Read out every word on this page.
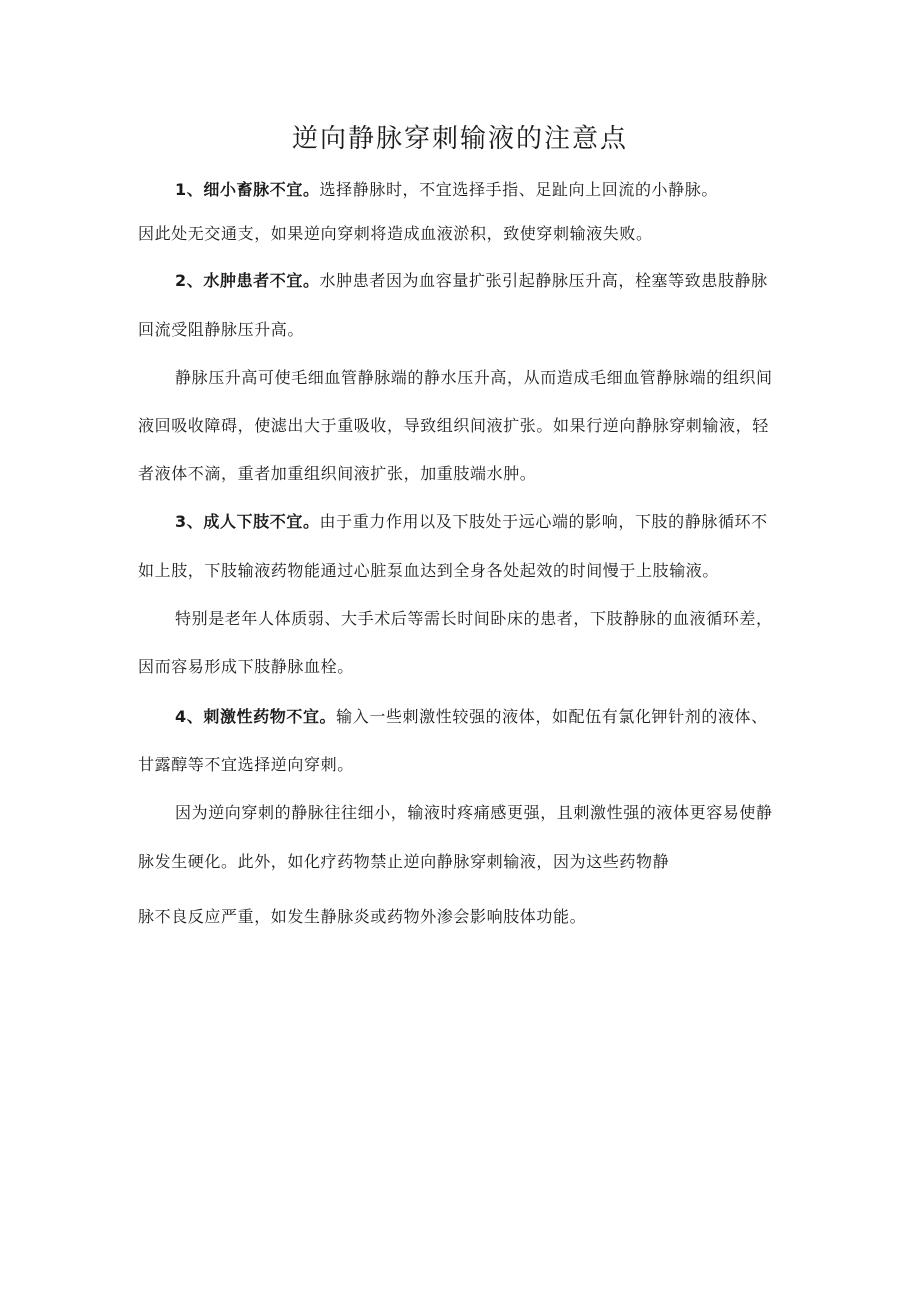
逆向静脉穿刺输液的注意点
1、细小畜脉不宜。选择静脉时，不宜选择手指、足趾向上回流的小静脉。
因此处无交通支，如果逆向穿刺将造成血液淤积，致使穿刺输液失败。
2、水肿患者不宜。水肿患者因为血容量扩张引起静脉压升高，栓塞等致患肢静脉
回流受阻静脉压升高。
静脉压升高可使毛细血管静脉端的静水压升高，从而造成毛细血管静脉端的组织间
液回吸收障碍，使滤出大于重吸收，导致组织间液扩张。如果行逆向静脉穿刺输液，轻
者液体不滴，重者加重组织间液扩张，加重肢端水肿。
3、成人下肢不宜。由于重力作用以及下肢处于远心端的影响，下肢的静脉循环不
如上肢，下肢输液药物能通过心脏泵血达到全身各处起效的时间慢于上肢输液。
特别是老年人体质弱、大手术后等需长时间卧床的患者，下肢静脉的血液循环差，
因而容易形成下肢静脉血栓。
4、刺激性药物不宜。输入一些刺激性较强的液体，如配伍有氯化钾针剂的液体、
甘露醇等不宜选择逆向穿刺。
因为逆向穿刺的静脉往往细小，输液时疼痛感更强，且刺激性强的液体更容易使静
脉发生硬化。此外，如化疗药物禁止逆向静脉穿刺输液，因为这些药物静
脉不良反应严重，如发生静脉炎或药物外渗会影响肢体功能。
